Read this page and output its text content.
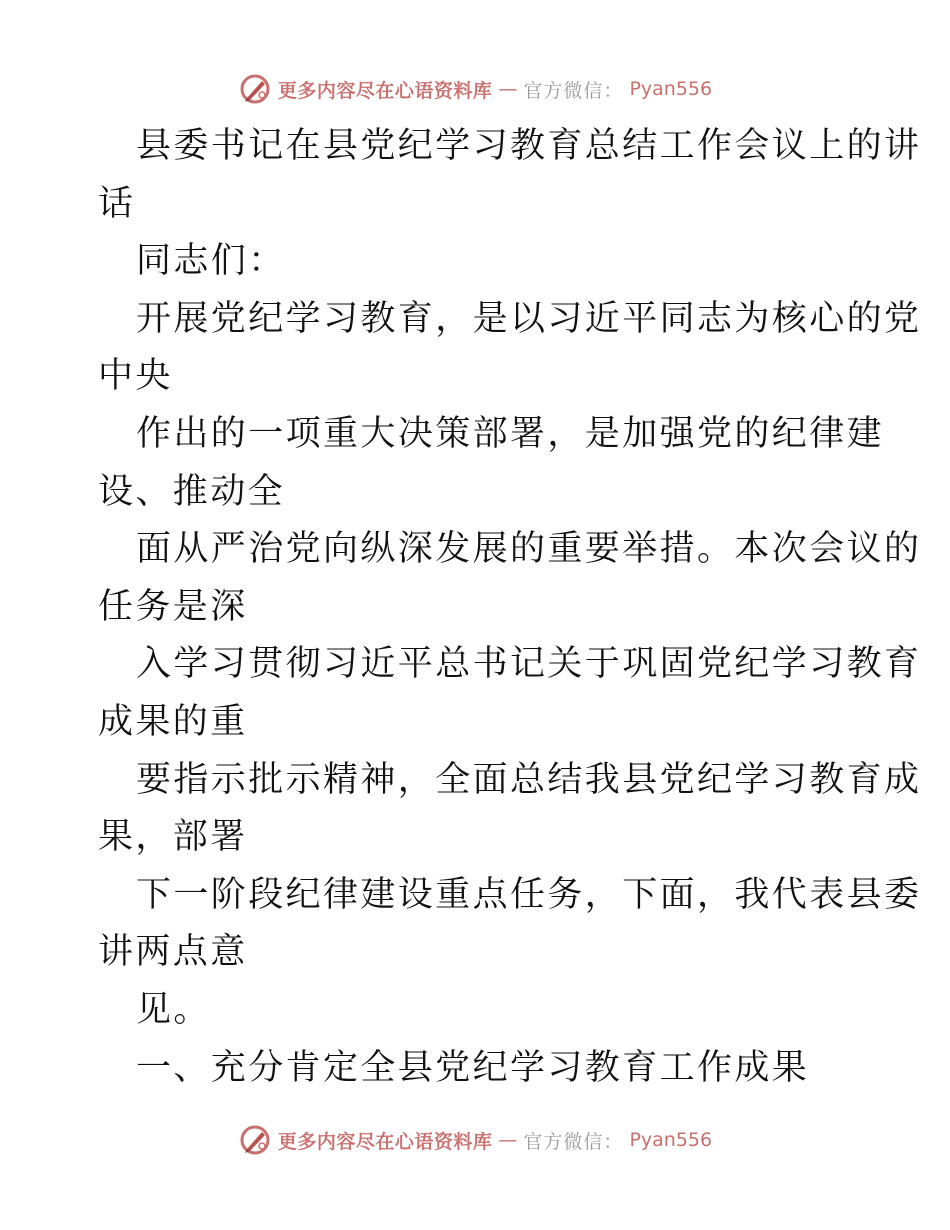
更多内容尽在心语资料库 — 官方微信： Pyan556
县委书记在县党纪学习教育总结工作会议上的讲
话
同志们：
开展党纪学习教育，是以习近平同志为核心的党
中央
作出的一项重大决策部署，是加强党的纪律建
设、推动全
面从严治党向纵深发展的重要举措。本次会议的
任务是深
入学习贯彻习近平总书记关于巩固党纪学习教育
成果的重
要指示批示精神，全面总结我县党纪学习教育成
果，部署
下一阶段纪律建设重点任务，下面，我代表县委
讲两点意
见。
一、充分肯定全县党纪学习教育工作成果
更多内容尽在心语资料库 — 官方微信： Pyan556
